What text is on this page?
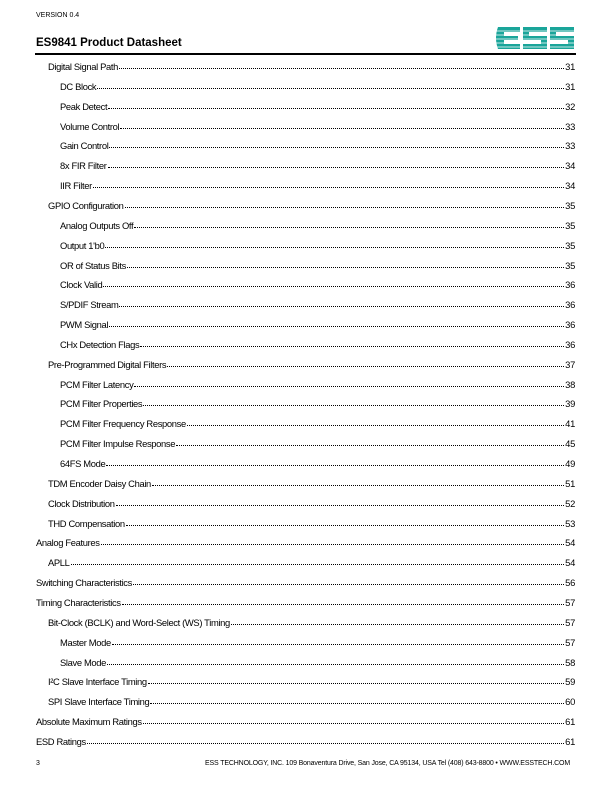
VERSION 0.4
ES9841 Product Datasheet
Digital Signal Path	31
DC Block	31
Peak Detect	32
Volume Control	33
Gain Control	33
8x FIR Filter	34
IIR Filter	34
GPIO Configuration	35
Analog Outputs Off	35
Output 1'b0	35
OR of Status Bits	35
Clock Valid	36
S/PDIF Stream	36
PWM Signal	36
CHx Detection Flags	36
Pre-Programmed Digital Filters	37
PCM Filter Latency	38
PCM Filter Properties	39
PCM Filter Frequency Response	41
PCM Filter Impulse Response	45
64FS Mode	49
TDM Encoder Daisy Chain	51
Clock Distribution	52
THD Compensation	53
Analog Features	54
APLL	54
Switching Characteristics	56
Timing Characteristics	57
Bit-Clock (BCLK) and Word-Select (WS) Timing	57
Master Mode	57
Slave Mode	58
I²C Slave Interface Timing	59
SPI Slave Interface Timing	60
Absolute Maximum Ratings	61
ESD Ratings	61
3	ESS TECHNOLOGY, INC. 109 Bonaventura Drive, San Jose, CA 95134, USA Tel (408) 643-8800 • WWW.ESSTECH.COM
